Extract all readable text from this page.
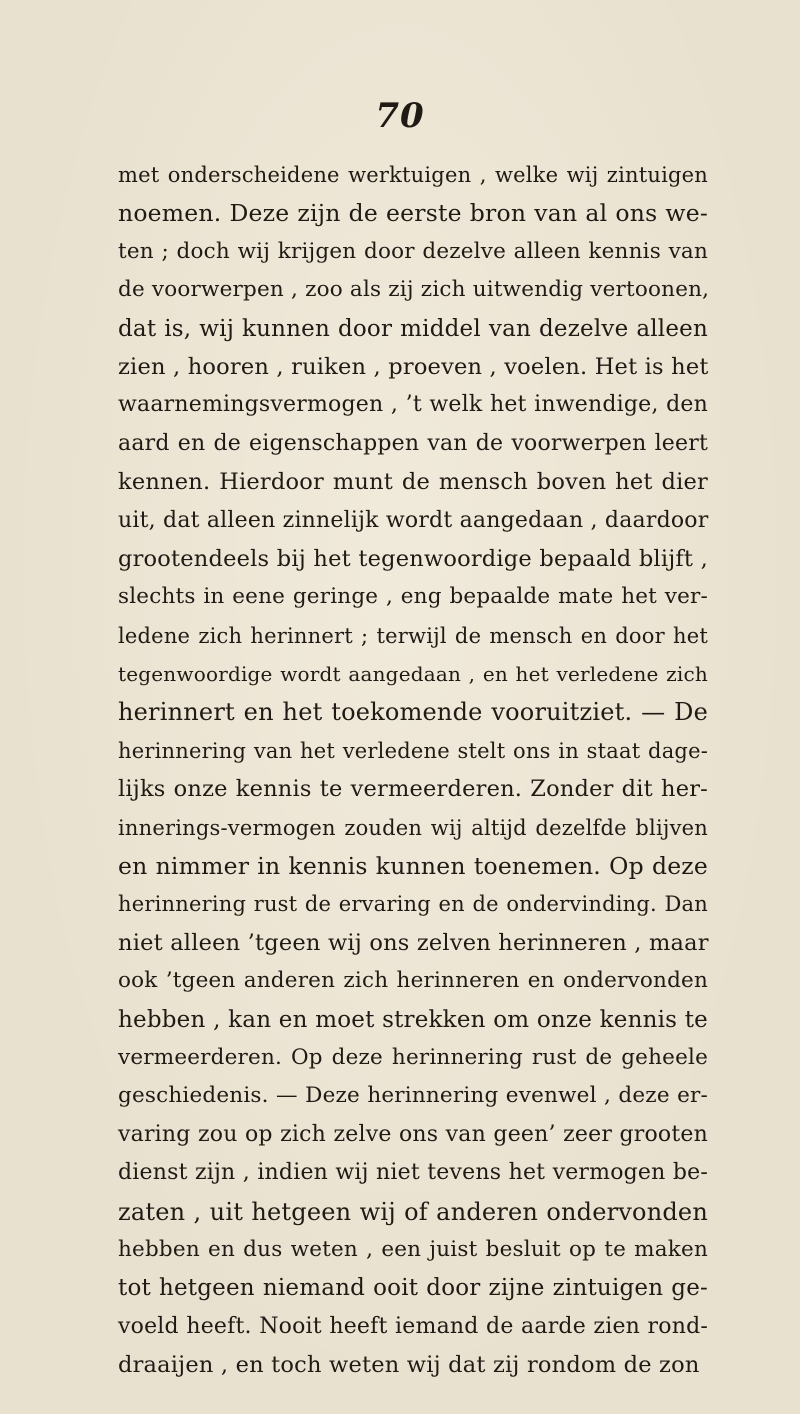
70
met onderscheidene werktuigen , welke wij zintuigen
noemen. Deze zijn de eerste bron van al ons we-
ten ; doch wij krijgen door dezelve alleen kennis van
de voorwerpen , zoo als zij zich uitwendig vertoonen,
dat is, wij kunnen door middel van dezelve alleen
zien , hooren , ruiken , proeven , voelen. Het is het
waarnemingsvermogen , ’t welk het inwendige, den
aard en de eigenschappen van de voorwerpen leert
kennen. Hierdoor munt de mensch boven het dier
uit, dat alleen zinnelijk wordt aangedaan , daardoor
grootendeels bij het tegenwoordige bepaald blijft ,
slechts in eene geringe , eng bepaalde mate het ver-
ledene zich herinnert ; terwijl de mensch en door het
tegenwoordige wordt aangedaan , en het verledene zich
herinnert en het toekomende vooruitziet. — De
herinnering van het verledene stelt ons in staat dage-
lijks onze kennis te vermeerderen. Zonder dit her-
innerings-vermogen zouden wij altijd dezelfde blijven
en nimmer in kennis kunnen toenemen. Op deze
herinnering rust de ervaring en de ondervinding. Dan
niet alleen ’tgeen wij ons zelven herinneren , maar
ook ’tgeen anderen zich herinneren en ondervonden
hebben , kan en moet strekken om onze kennis te
vermeerderen. Op deze herinnering rust de geheele
geschiedenis. — Deze herinnering evenwel , deze er-
varing zou op zich zelve ons van geen’ zeer grooten
dienst zijn , indien wij niet tevens het vermogen be-
zaten , uit hetgeen wij of anderen ondervonden
hebben en dus weten , een juist besluit op te maken
tot hetgeen niemand ooit door zijne zintuigen ge-
voeld heeft. Nooit heeft iemand de aarde zien rond-
draaijen , en toch weten wij dat zij rondom de zon
